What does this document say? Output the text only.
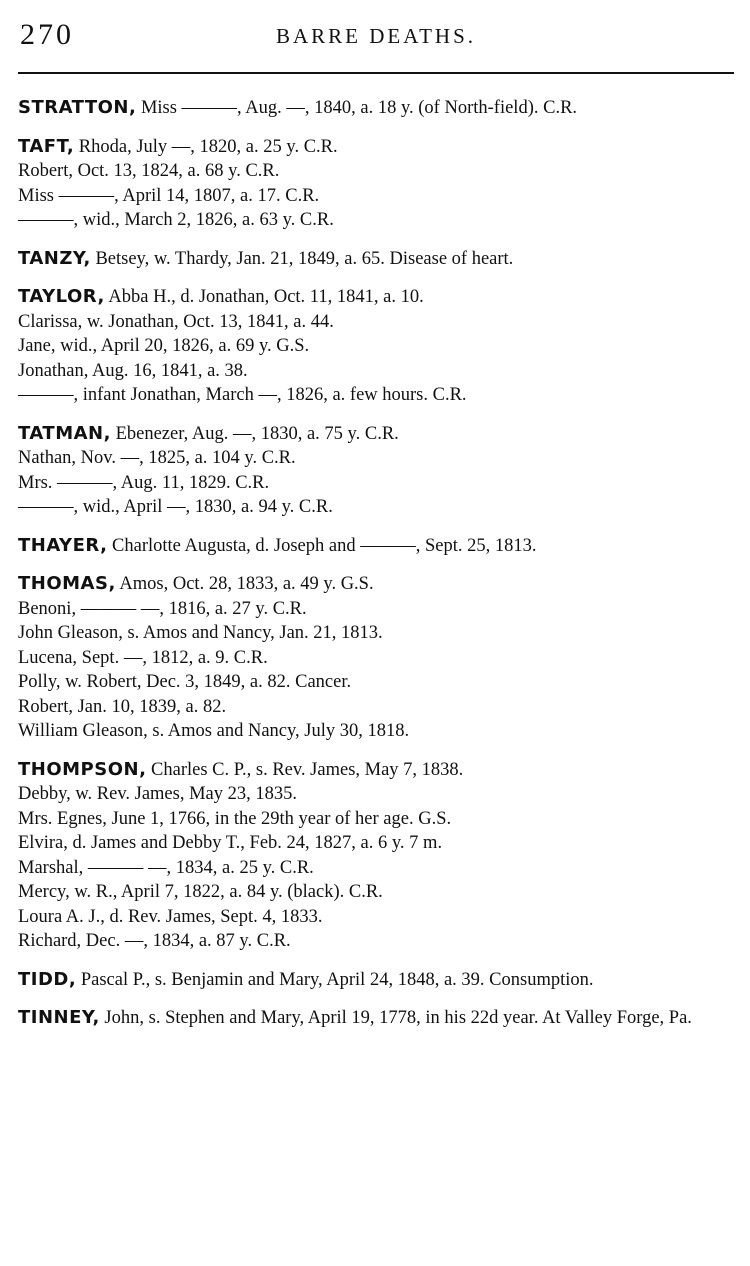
270	BARRE DEATHS.
STRATTON, Miss ———, Aug. —, 1840, a. 18 y. (of North-field). C.R.
TAFT, Rhoda, July —, 1820, a. 25 y. C.R.
Robert, Oct. 13, 1824, a. 68 y. C.R.
Miss ———, April 14, 1807, a. 17. C.R.
———, wid., March 2, 1826, a. 63 y. C.R.
TANZY, Betsey, w. Thardy, Jan. 21, 1849, a. 65. Disease of heart.
TAYLOR, Abba H., d. Jonathan, Oct. 11, 1841, a. 10.
Clarissa, w. Jonathan, Oct. 13, 1841, a. 44.
Jane, wid., April 20, 1826, a. 69 y. G.S.
Jonathan, Aug. 16, 1841, a. 38.
———, infant Jonathan, March —, 1826, a. few hours. C.R.
TATMAN, Ebenezer, Aug. —, 1830, a. 75 y. C.R.
Nathan, Nov. —, 1825, a. 104 y. C.R.
Mrs. ———, Aug. 11, 1829. C.R.
———, wid., April —, 1830, a. 94 y. C.R.
THAYER, Charlotte Augusta, d. Joseph and ———, Sept. 25, 1813.
THOMAS, Amos, Oct. 28, 1833, a. 49 y. G.S.
Benoni, ——— —, 1816, a. 27 y. C.R.
John Gleason, s. Amos and Nancy, Jan. 21, 1813.
Lucena, Sept. —, 1812, a. 9. C.R.
Polly, w. Robert, Dec. 3, 1849, a. 82. Cancer.
Robert, Jan. 10, 1839, a. 82.
William Gleason, s. Amos and Nancy, July 30, 1818.
THOMPSON, Charles C. P., s. Rev. James, May 7, 1838.
Debby, w. Rev. James, May 23, 1835.
Mrs. Egnes, June 1, 1766, in the 29th year of her age. G.S.
Elvira, d. James and Debby T., Feb. 24, 1827, a. 6 y. 7 m.
Marshal, ——— —, 1834, a. 25 y. C.R.
Mercy, w. R., April 7, 1822, a. 84 y. (black). C.R.
Loura A. J., d. Rev. James, Sept. 4, 1833.
Richard, Dec. —, 1834, a. 87 y. C.R.
TIDD, Pascal P., s. Benjamin and Mary, April 24, 1848, a. 39. Consumption.
TINNEY, John, s. Stephen and Mary, April 19, 1778, in his 22d year. At Valley Forge, Pa.
